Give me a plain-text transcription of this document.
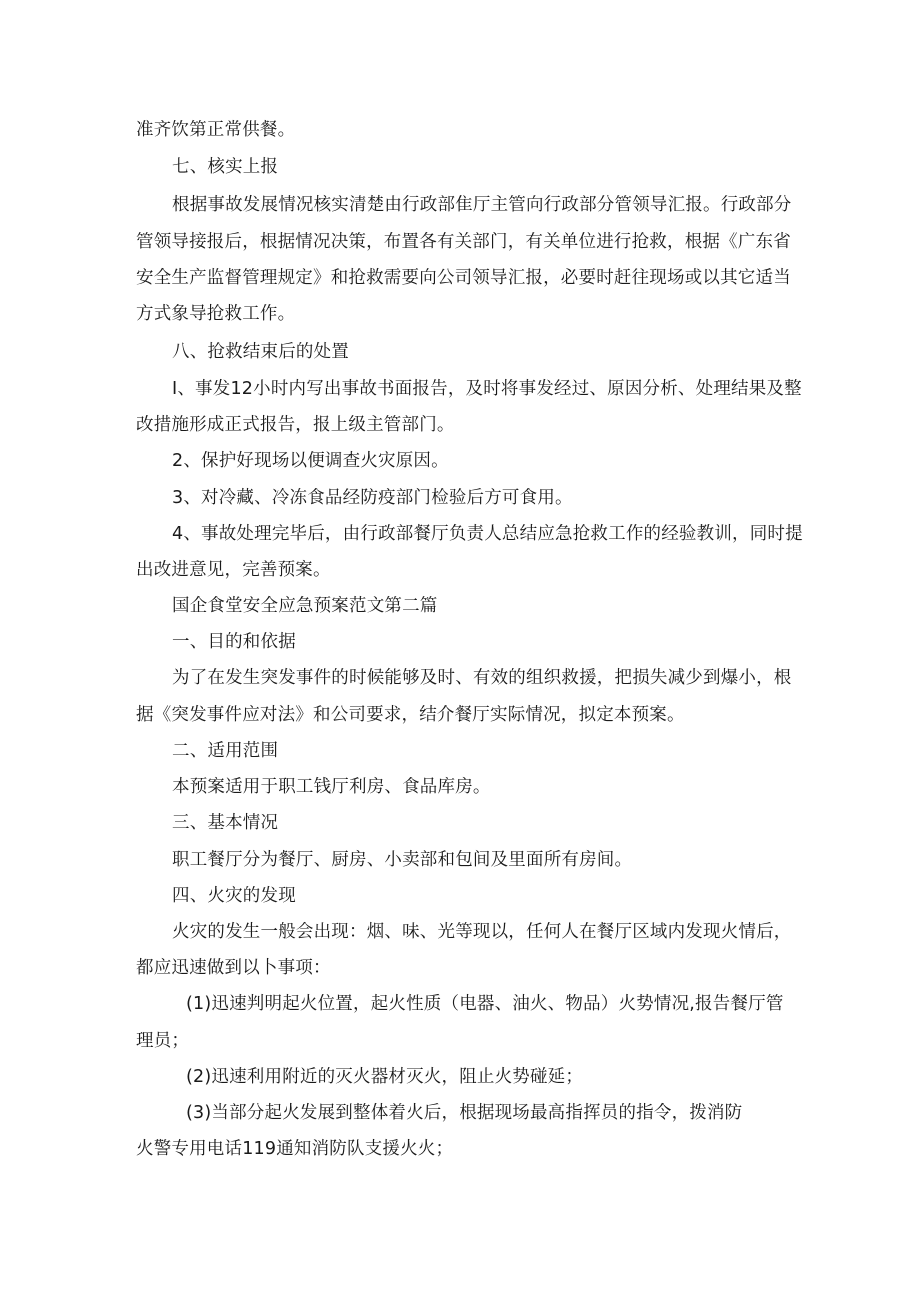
准齐饮第正常供餐。
七、核实上报
根据事故发展情况核实清楚由行政部隹厅主管向行政部分管领导汇报。行政部分
管领导接报后，根据情况决策，布置各有关部门，有关单位进行抢救，根据《广东省
安全生产监督管理规定》和抢救需要向公司领导汇报，必要时赶往现场或以其它适当
方式象导抢救工作。
八、抢救结束后的处置
I、事发12小时内写出事故书面报告，及时将事发经过、原因分析、处理结果及整
改措施形成正式报告，报上级主管部门。
2、保护好现场以便调查火灾原因。
3、对冷藏、冷冻食品经防疫部门检验后方可食用。
4、事故处理完毕后，由行政部餐厅负责人总结应急抢救工作的经验教训，同时提
出改进意见，完善预案。
国企食堂安全应急预案范文第二篇
一、目的和依据
为了在发生突发事件的时候能够及时、有效的组织救援，把损失减少到爆小，根
据《突发事件应对法》和公司要求，结介餐厅实际情况，拟定本预案。
二、适用范围
本预案适用于职工钱厅利房、食品库房。
三、基本情况
职工餐厅分为餐厅、厨房、小卖部和包间及里面所有房间。
四、火灾的发现
火灾的发生一般会出现：烟、味、光等现以，任何人在餐厅区域内发现火情后，
都应迅速做到以卜事项：
(1)迅速判明起火位置，起火性质（电器、油火、物品）火势情况,报告餐厅管
理员；
(2)迅速利用附近的灭火器材灭火，阻止火势碰延；
(3)当部分起火发展到整体着火后，根据现场最高指挥员的指令，拨消防
火警专用电话119通知消防队支援火火；
